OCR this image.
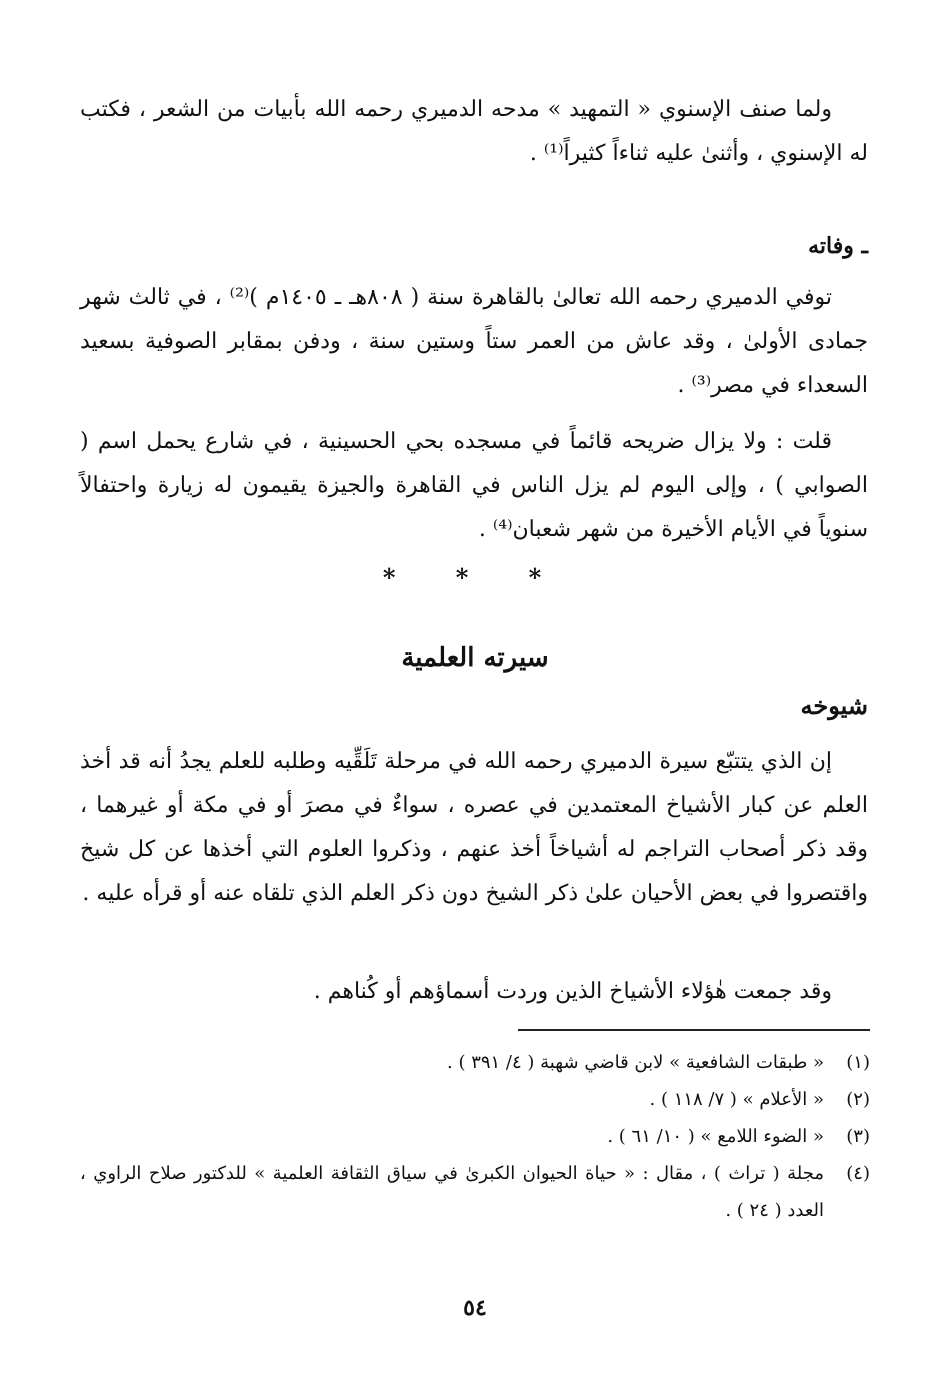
ولما صنف الإسنوي « التمهيد » مدحه الدميري رحمه الله بأبيات من الشعر ، فكتب له الإسنوي ، وأثنىٰ عليه ثناءاً كثيراً⁽¹⁾ .

ـ وفاته

توفي الدميري رحمه الله تعالىٰ بالقاهرة سنة ( ٨٠٨هـ ـ ١٤٠٥م )⁽²⁾ ، في ثالث شهر جمادى الأولىٰ ، وقد عاش من العمر ستاً وستين سنة ، ودفن بمقابر الصوفية بسعيد السعداء في مصر⁽³⁾ .

قلت : ولا يزال ضريحه قائماً في مسجده بحي الحسينية ، في شارع يحمل اسم ( الصوابي ) ، وإلى اليوم لم يزل الناس في القاهرة والجيزة يقيمون له زيارة واحتفالاً سنوياً في الأيام الأخيرة من شهر شعبان⁽⁴⁾ .

* * *
سيرته العلمية
شيوخه

إن الذي يتتبّع سيرة الدميري رحمه الله في مرحلة تَلَقِّيه وطلبه للعلم يجدُ أنه قد أخذ العلم عن كبار الأشياخ المعتمدين في عصره ، سواءٌ في مصرَ أو في مكة أو غيرهما ، وقد ذكر أصحاب التراجم له أشياخاً أخذ عنهم ، وذكروا العلوم التي أخذها عن كل شيخ واقتصروا في بعض الأحيان علىٰ ذكر الشيخ دون ذكر العلم الذي تلقاه عنه أو قرأه عليه .

وقد جمعت هٰؤلاء الأشياخ الذين وردت أسماؤهم أو كُناهم .

(١)
« طبقات الشافعية » لابن قاضي شهبة ( ٤/ ٣٩١ ) .
(٢)
« الأعلام » ( ٧/ ١١٨ ) .
(٣)
« الضوء اللامع » ( ١٠/ ٦١ ) .
(٤)
مجلة ( تراث ) ، مقال : « حياة الحيوان الكبرىٰ في سياق الثقافة العلمية » للدكتور صلاح الراوي ، العدد ( ٢٤ ) .
٥٤
